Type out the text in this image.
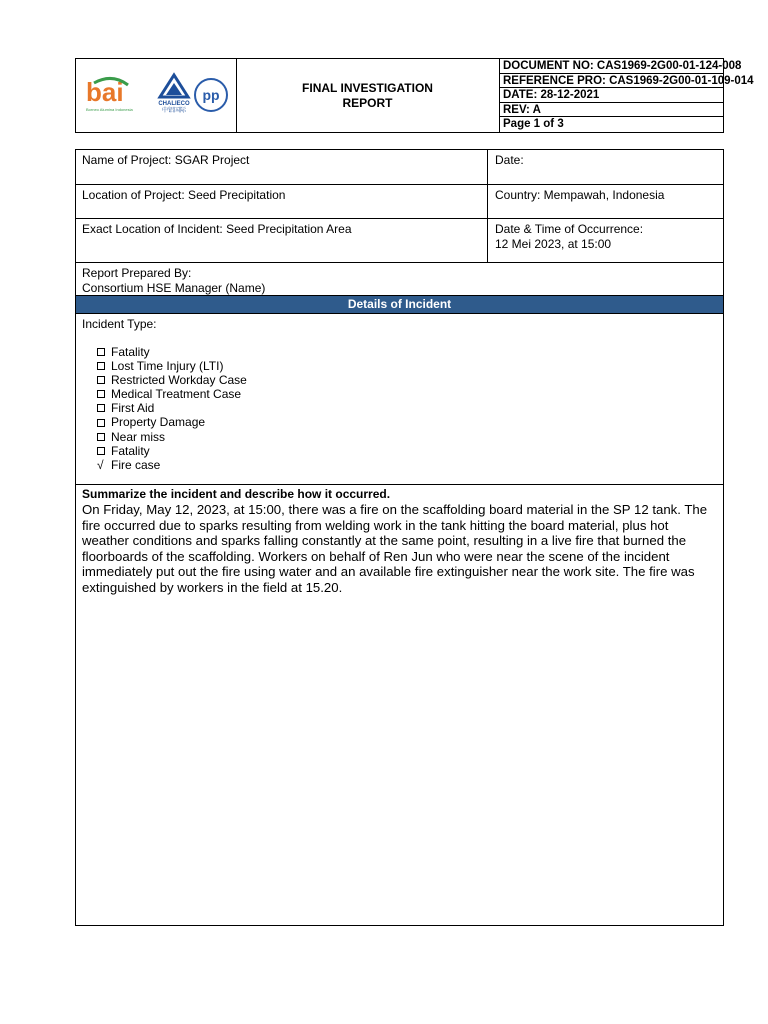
bai
Borneo Alumina Indonesia
CHALIECO
中铝国际
pp	FINAL INVESTIGATION
REPORT
DOCUMENT NO: CAS1969-2G00-01-124-008
REFERENCE PRO: CAS1969-2G00-01-109-014
DATE: 28-12-2021
REV: A
Page 1 of 3
Name of Project: SGAR Project	Date:
Location of Project: Seed Precipitation	Country: Mempawah, Indonesia
Exact Location of Incident: Seed Precipitation Area	Date & Time of Occurrence:
12 Mei 2023, at 15:00
Report Prepared By:
Consortium HSE Manager (Name)
Details of Incident
Incident Type:
Fatality
Lost Time Injury (LTI)
Restricted Workday Case
Medical Treatment Case
First Aid
Property Damage
Near miss
Fatality
√ Fire case
Summarize the incident and describe how it occurred.
On Friday, May 12, 2023, at 15:00, there was a fire on the scaffolding board material in the SP 12 tank. The fire occurred due to sparks resulting from welding work in the tank hitting the board material, plus hot weather conditions and sparks falling constantly at the same point, resulting in a live fire that burned the floorboards of the scaffolding. Workers on behalf of Ren Jun who were near the scene of the incident immediately put out the fire using water and an available fire extinguisher near the work site. The fire was extinguished by workers in the field at 15.20.
